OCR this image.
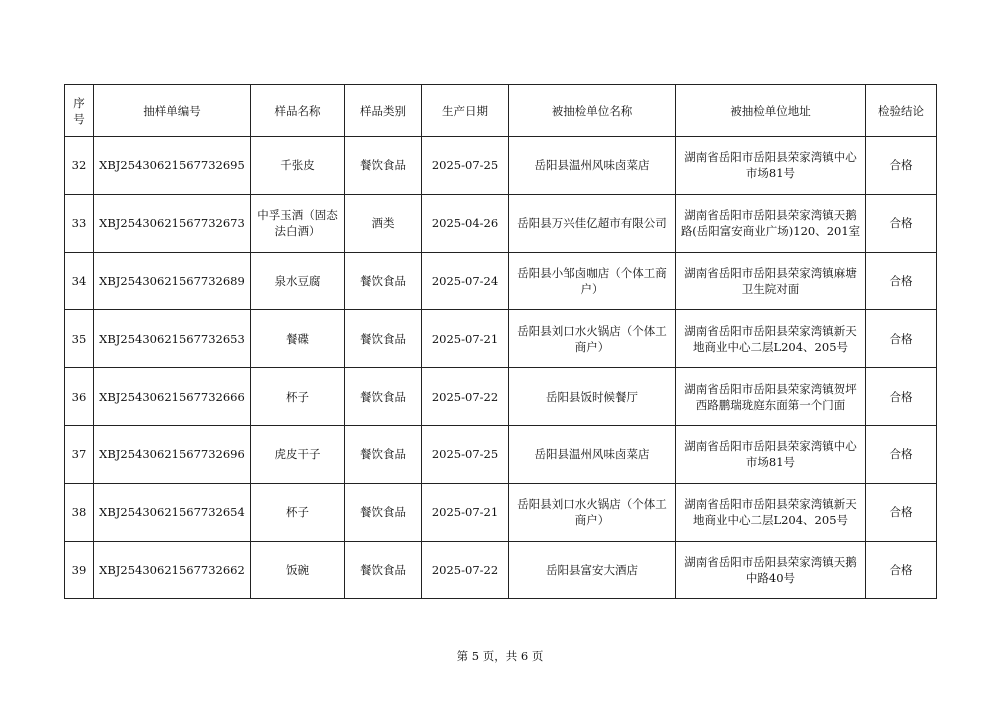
序号	抽样单编号	样品名称	样品类别	生产日期	被抽检单位名称	被抽检单位地址	检验结论
32	XBJ25430621567732695	千张皮	餐饮食品	2025-07-25	岳阳县温州风味卤菜店	湖南省岳阳市岳阳县荣家湾镇中心市场81号	合格
33	XBJ25430621567732673	中孚玉酒（固态法白酒）	酒类	2025-04-26	岳阳县万兴佳亿超市有限公司	湖南省岳阳市岳阳县荣家湾镇天鹅路(岳阳富安商业广场)120、201室	合格
34	XBJ25430621567732689	泉水豆腐	餐饮食品	2025-07-24	岳阳县小邹卤咖店（个体工商户）	湖南省岳阳市岳阳县荣家湾镇麻塘卫生院对面	合格
35	XBJ25430621567732653	餐碟	餐饮食品	2025-07-21	岳阳县刘口水火锅店（个体工商户）	湖南省岳阳市岳阳县荣家湾镇新天地商业中心二层L204、205号	合格
36	XBJ25430621567732666	杯子	餐饮食品	2025-07-22	岳阳县饭时候餐厅	湖南省岳阳市岳阳县荣家湾镇贺坪西路鹏瑞珑庭东面第一个门面	合格
37	XBJ25430621567732696	虎皮干子	餐饮食品	2025-07-25	岳阳县温州风味卤菜店	湖南省岳阳市岳阳县荣家湾镇中心市场81号	合格
38	XBJ25430621567732654	杯子	餐饮食品	2025-07-21	岳阳县刘口水火锅店（个体工商户）	湖南省岳阳市岳阳县荣家湾镇新天地商业中心二层L204、205号	合格
39	XBJ25430621567732662	饭碗	餐饮食品	2025-07-22	岳阳县富安大酒店	湖南省岳阳市岳阳县荣家湾镇天鹅中路40号	合格
第 5 页，共 6 页
